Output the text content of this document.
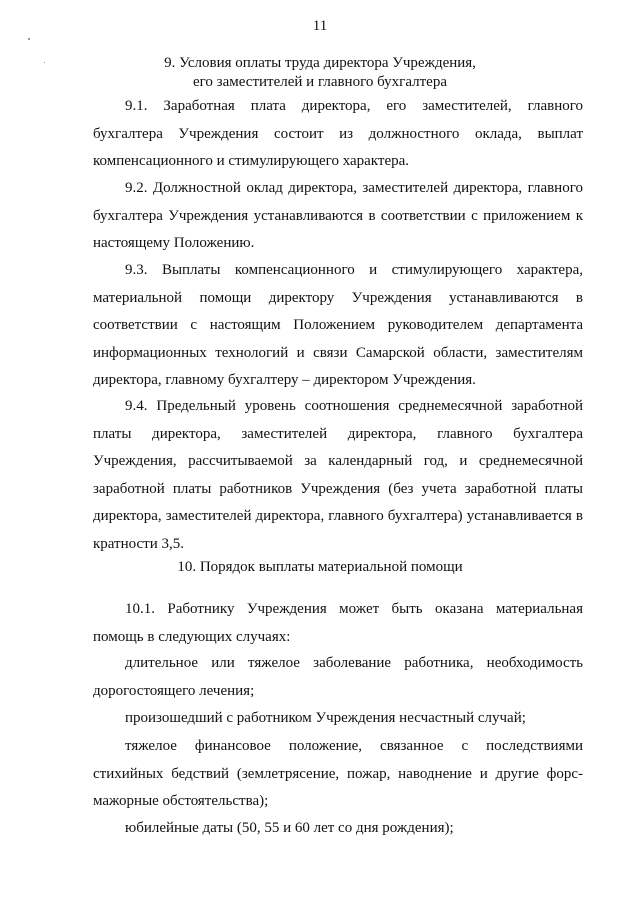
11
9. Условия оплаты труда директора Учреждения,
его заместителей и главного бухгалтера

9.1. Заработная плата директора, его заместителей, главного бухгалтера Учреждения состоит из должностного оклада, выплат компенсационного и стимулирующего характера.

9.2. Должностной оклад директора, заместителей директора, главного бухгалтера Учреждения устанавливаются в соответствии с приложением к настоящему Положению.

9.3. Выплаты компенсационного и стимулирующего характера, материальной помощи директору Учреждения устанавливаются в соответствии с настоящим Положением руководителем департамента информационных технологий и связи Самарской области, заместителям директора, главному бухгалтеру – директором Учреждения.

9.4. Предельный уровень соотношения среднемесячной заработной платы директора, заместителей директора, главного бухгалтера Учреждения, рассчитываемой за календарный год, и среднемесячной заработной платы работников Учреждения (без учета заработной платы директора, заместителей директора, главного бухгалтера) устанавливается в кратности 3,5.

10. Порядок выплаты материальной помощи

10.1. Работнику Учреждения может быть оказана материальная помощь в следующих случаях:

длительное или тяжелое заболевание работника, необходимость дорогостоящего лечения;

произошедший с работником Учреждения несчастный случай;

тяжелое финансовое положение, связанное с последствиями стихийных бедствий (землетрясение, пожар, наводнение и другие форс-мажорные обстоятельства);

юбилейные даты (50, 55 и 60 лет со дня рождения);
